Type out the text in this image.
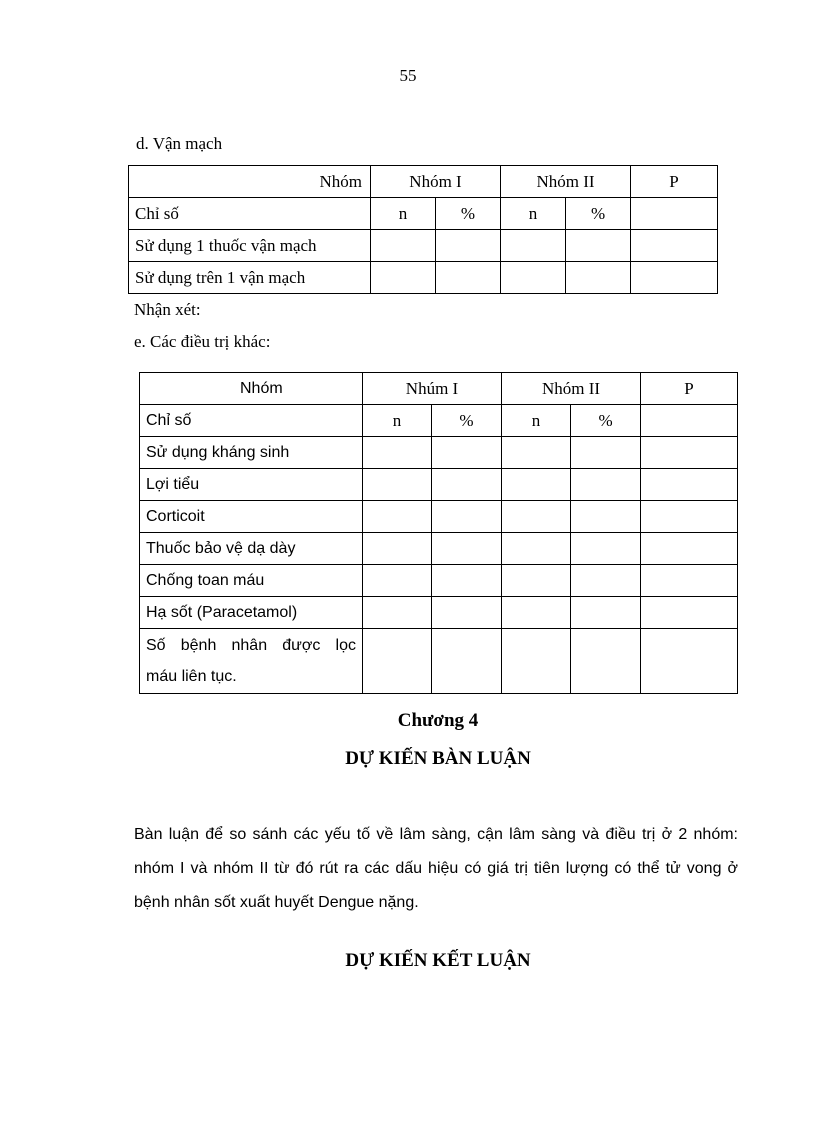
55
d. Vận mạch
Nhóm	Nhóm I		Nhóm II		P
Chỉ số	n	%	n	%	
Sử dụng 1 thuốc vận mạch					
Sử dụng trên 1 vận mạch					
Nhận xét:
e. Các điều trị khác:
Nhóm	Nhúm I		Nhóm II		P
Chỉ số	n	%	n	%	
Sử dụng kháng sinh					
Lợi tiểu					
Corticoit					
Thuốc bảo vệ dạ dày					
Chống toan máu					
Hạ sốt (Paracetamol)					

Số bệnh nhân được lọc
máu liên tục.					

Chương 4
DỰ KIẾN BÀN LUẬN
Bàn luận để so sánh các yếu tố về lâm sàng, cận lâm sàng và điều trị ở 2 nhóm: nhóm I và nhóm II từ đó rút ra các dấu hiệu có giá trị tiên lượng có thể tử vong ở bệnh nhân sốt xuất huyết Dengue nặng.
DỰ KIẾN KẾT LUẬN
